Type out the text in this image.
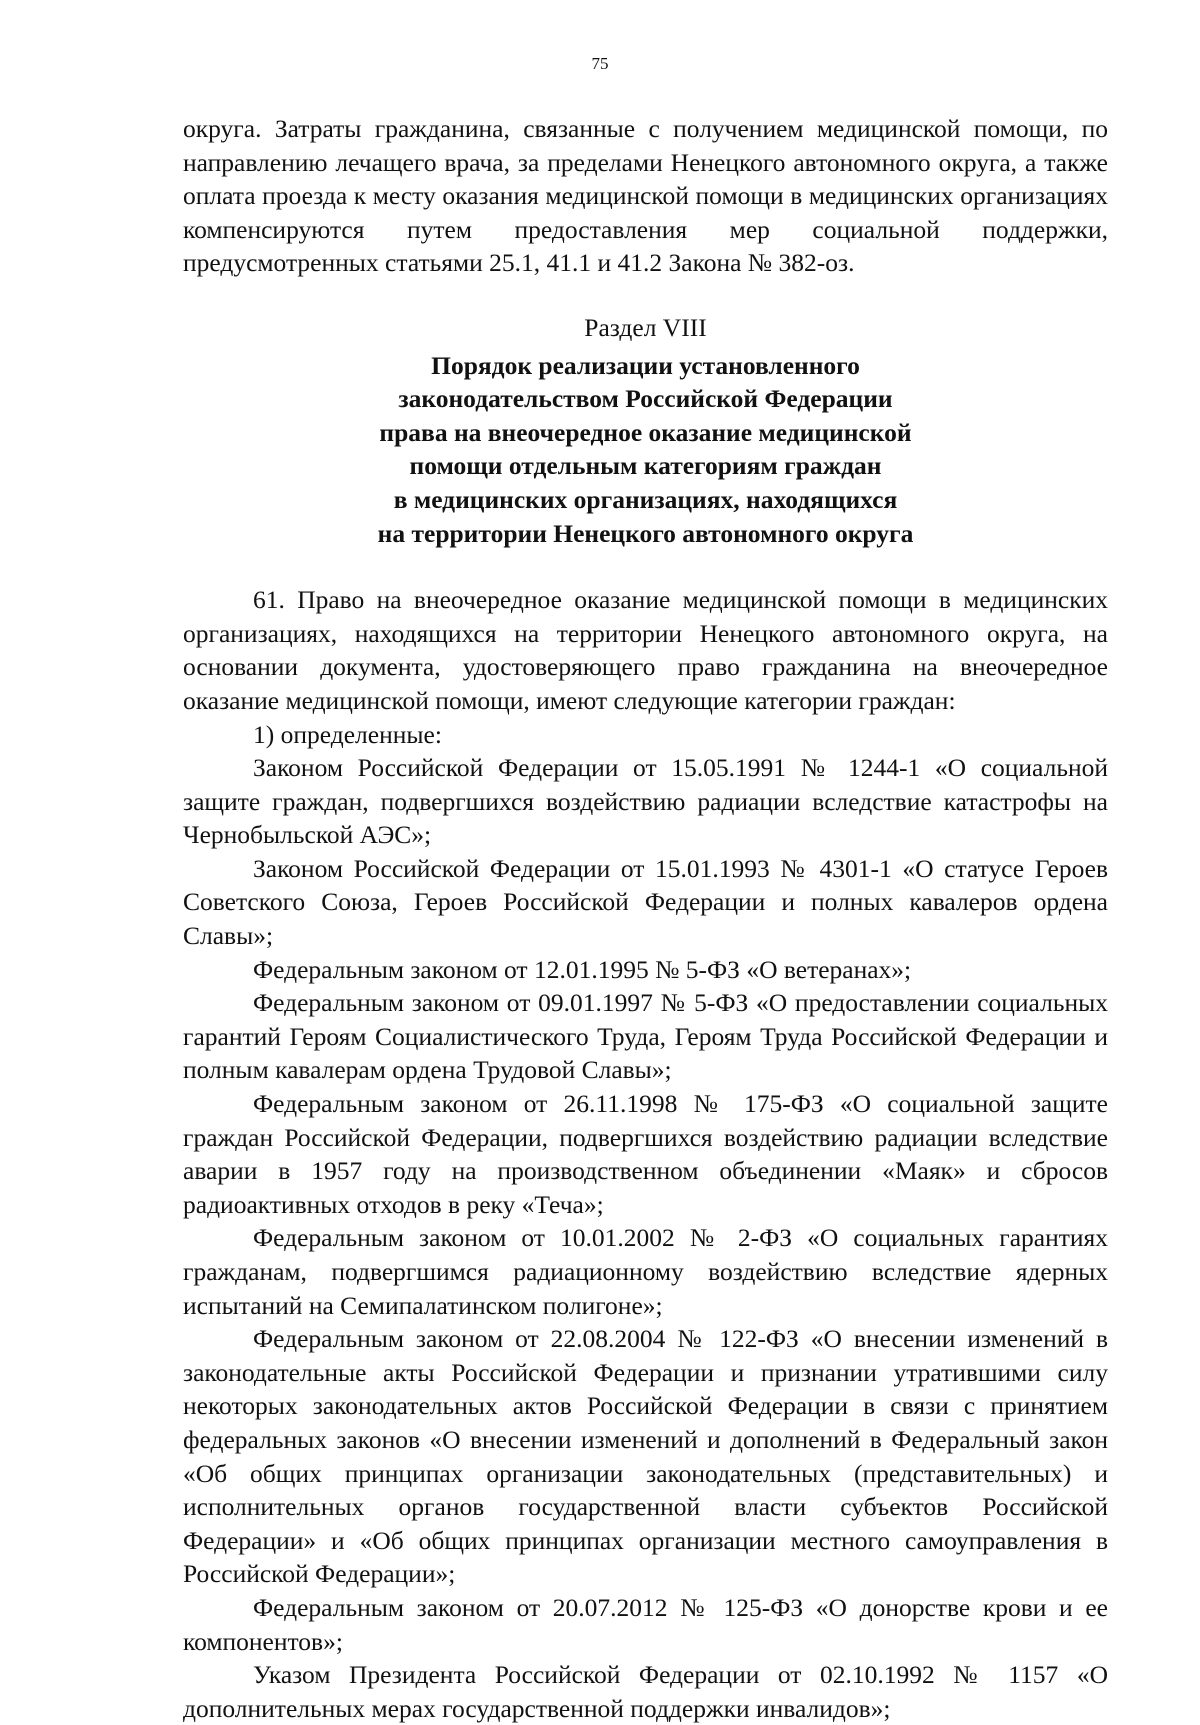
75

округа. Затраты гражданина, связанные с получением медицинской помощи, по направлению лечащего врача, за пределами Ненецкого автономного округа, а также оплата проезда к месту оказания медицинской помощи в медицинских организациях компенсируются путем предоставления мер социальной поддержки, предусмотренных статьями 25.1, 41.1 и 41.2 Закона № 382-оз.

Раздел VIII
Порядок реализации установленного
законодательством Российской Федерации
права на внеочередное оказание медицинской
помощи отдельным категориям граждан
в медицинских организациях, находящихся
на территории Ненецкого автономного округа

61. Право на внеочередное оказание медицинской помощи в медицинских организациях, находящихся на территории Ненецкого автономного округа, на основании документа, удостоверяющего право гражданина на внеочередное оказание медицинской помощи, имеют следующие категории граждан:

1) определенные:

Законом Российской Федерации от 15.05.1991 № 1244-1 «О социальной защите граждан, подвергшихся воздействию радиации вследствие катастрофы на Чернобыльской АЭС»;

Законом Российской Федерации от 15.01.1993 № 4301-1 «О статусе Героев Советского Союза, Героев Российской Федерации и полных кавалеров ордена Славы»;

Федеральным законом от 12.01.1995 № 5-ФЗ «О ветеранах»;

Федеральным законом от 09.01.1997 № 5-ФЗ «О предоставлении социальных гарантий Героям Социалистического Труда, Героям Труда Российской Федерации и полным кавалерам ордена Трудовой Славы»;

Федеральным законом от 26.11.1998 № 175-ФЗ «О социальной защите граждан Российской Федерации, подвергшихся воздействию радиации вследствие аварии в 1957 году на производственном объединении «Маяк» и сбросов радиоактивных отходов в реку «Теча»;

Федеральным законом от 10.01.2002 № 2-ФЗ «О социальных гарантиях гражданам, подвергшимся радиационному воздействию вследствие ядерных испытаний на Семипалатинском полигоне»;

Федеральным законом от 22.08.2004 № 122-ФЗ «О внесении изменений в законодательные акты Российской Федерации и признании утратившими силу некоторых законодательных актов Российской Федерации в связи с принятием федеральных законов «О внесении изменений и дополнений в Федеральный закон «Об общих принципах организации законодательных (представительных) и исполнительных органов государственной власти субъектов Российской Федерации» и «Об общих принципах организации местного самоуправления в Российской Федерации»;

Федеральным законом от 20.07.2012 № 125-ФЗ «О донорстве крови и ее компонентов»;

Указом Президента Российской Федерации от 02.10.1992 № 1157 «О дополнительных мерах государственной поддержки инвалидов»;
